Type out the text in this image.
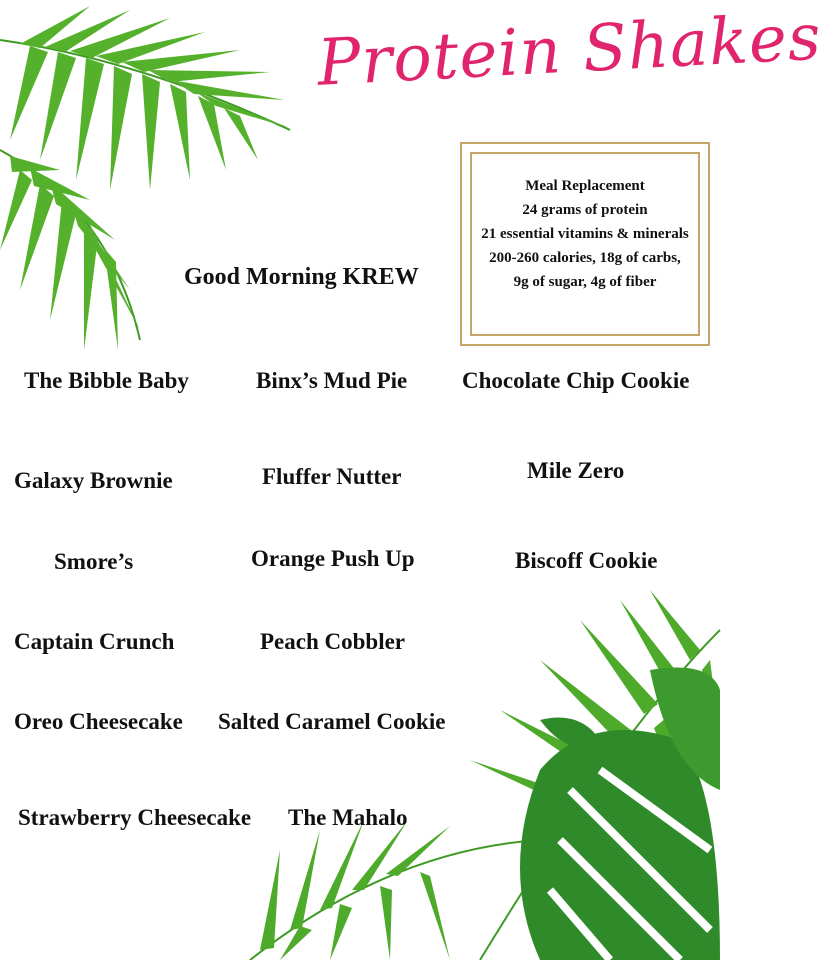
Protein Shakes
Meal Replacement
24 grams of protein
21 essential vitamins & minerals
200-260 calories, 18g of carbs,
9g of sugar, 4g of fiber
Good Morning KREW
The Bibble Baby	Binx’s Mud Pie Chocolate Chip Cookie
Galaxy Brownie	Fluffer Nutter	Mile Zero
Smore’s	Orange Push Up	Biscoff Cookie
Captain Crunch	Peach Cobbler
Oreo Cheesecake Salted Caramel Cookie
Strawberry Cheesecake The Mahalo
